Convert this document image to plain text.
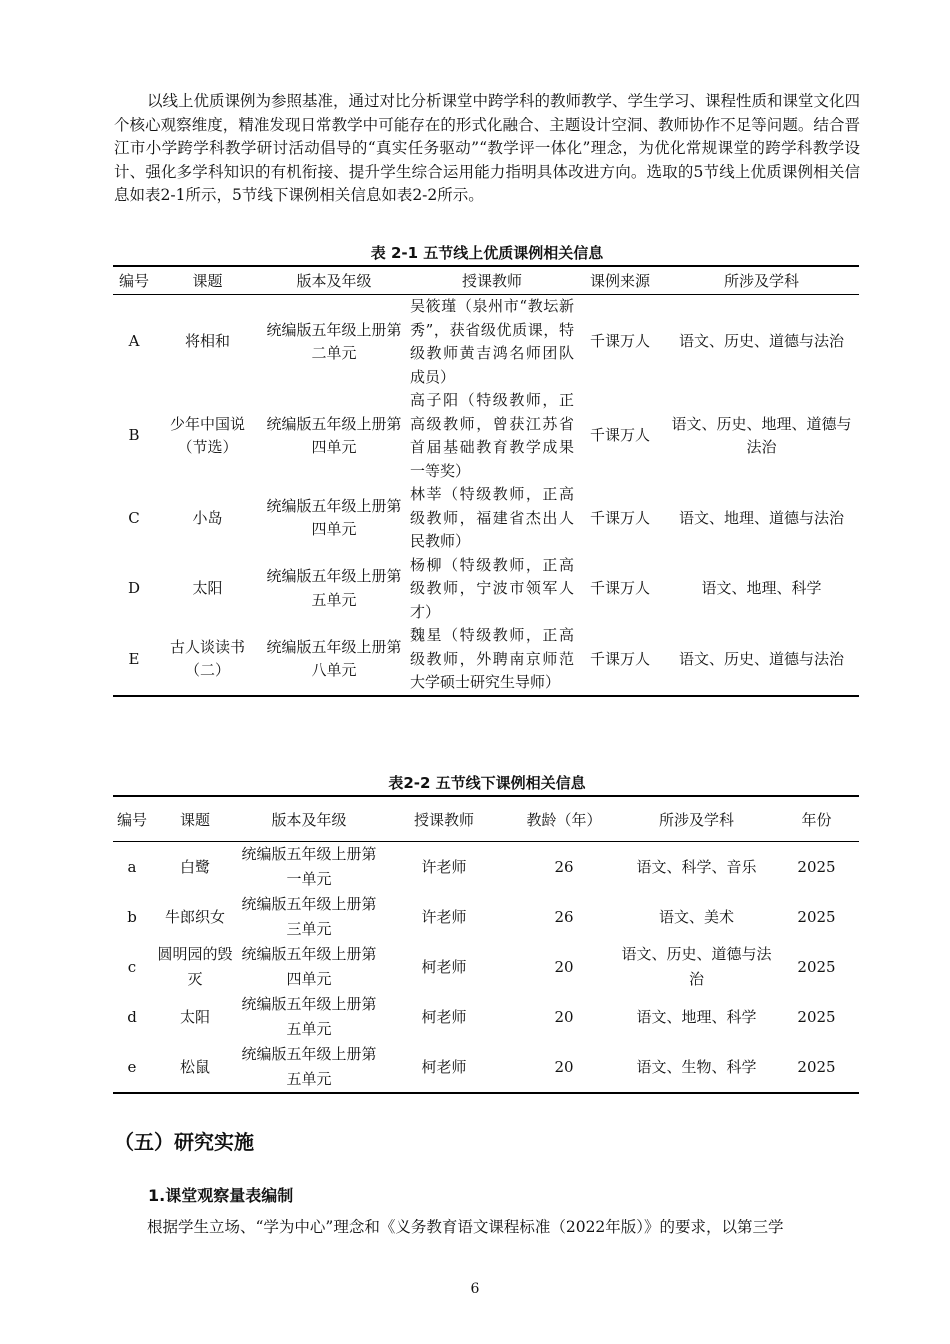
以线上优质课例为参照基准，通过对比分析课堂中跨学科的教师教学、学生学习、课程性质和课堂文化四个核心观察维度，精准发现日常教学中可能存在的形式化融合、主题设计空洞、教师协作不足等问题。结合晋江市小学跨学科教学研讨活动倡导的“真实任务驱动”“教学评一体化”理念，为优化常规课堂的跨学科教学设计、强化多学科知识的有机衔接、提升学生综合运用能力指明具体改进方向。选取的5节线上优质课例相关信息如表2-1所示，5节线下课例相关信息如表2-2所示。

表 2-1 五节线上优质课例相关信息
编号	课题	版本及年级	授课教师	课例来源	所涉及学科
A	将相和	统编版五年级上册第二单元	吴筱瑾（泉州市“教坛新秀”，获省级优质课，特级教师黄吉鸿名师团队成员）	千课万人	语文、历史、道德与法治
B	少年中国说（节选）	统编版五年级上册第四单元	高子阳（特级教师，正高级教师，曾获江苏省首届基础教育教学成果一等奖）	千课万人	语文、历史、地理、道德与法治
C	小岛	统编版五年级上册第四单元	林莘（特级教师，正高级教师，福建省杰出人民教师）	千课万人	语文、地理、道德与法治
D	太阳	统编版五年级上册第五单元	杨柳（特级教师，正高级教师，宁波市领军人才）	千课万人	语文、地理、科学
E	古人谈读书（二）	统编版五年级上册第八单元	魏星（特级教师，正高级教师，外聘南京师范大学硕士研究生导师）	千课万人	语文、历史、道德与法治
表2-2 五节线下课例相关信息
编号	课题	版本及年级	授课教师	教龄（年）	所涉及学科	年份
a	白鹭	统编版五年级上册第一单元	许老师	26	语文、科学、音乐	2025
b	牛郎织女	统编版五年级上册第三单元	许老师	26	语文、美术	2025
c	圆明园的毁灭	统编版五年级上册第四单元	柯老师	20	语文、历史、道德与法治	2025
d	太阳	统编版五年级上册第五单元	柯老师	20	语文、地理、科学	2025
e	松鼠	统编版五年级上册第五单元	柯老师	20	语文、生物、科学	2025
（五）研究实施
1.课堂观察量表编制

根据学生立场、“学为中心”理念和《义务教育语文课程标准（2022年版）》的要求，以第三学

6
